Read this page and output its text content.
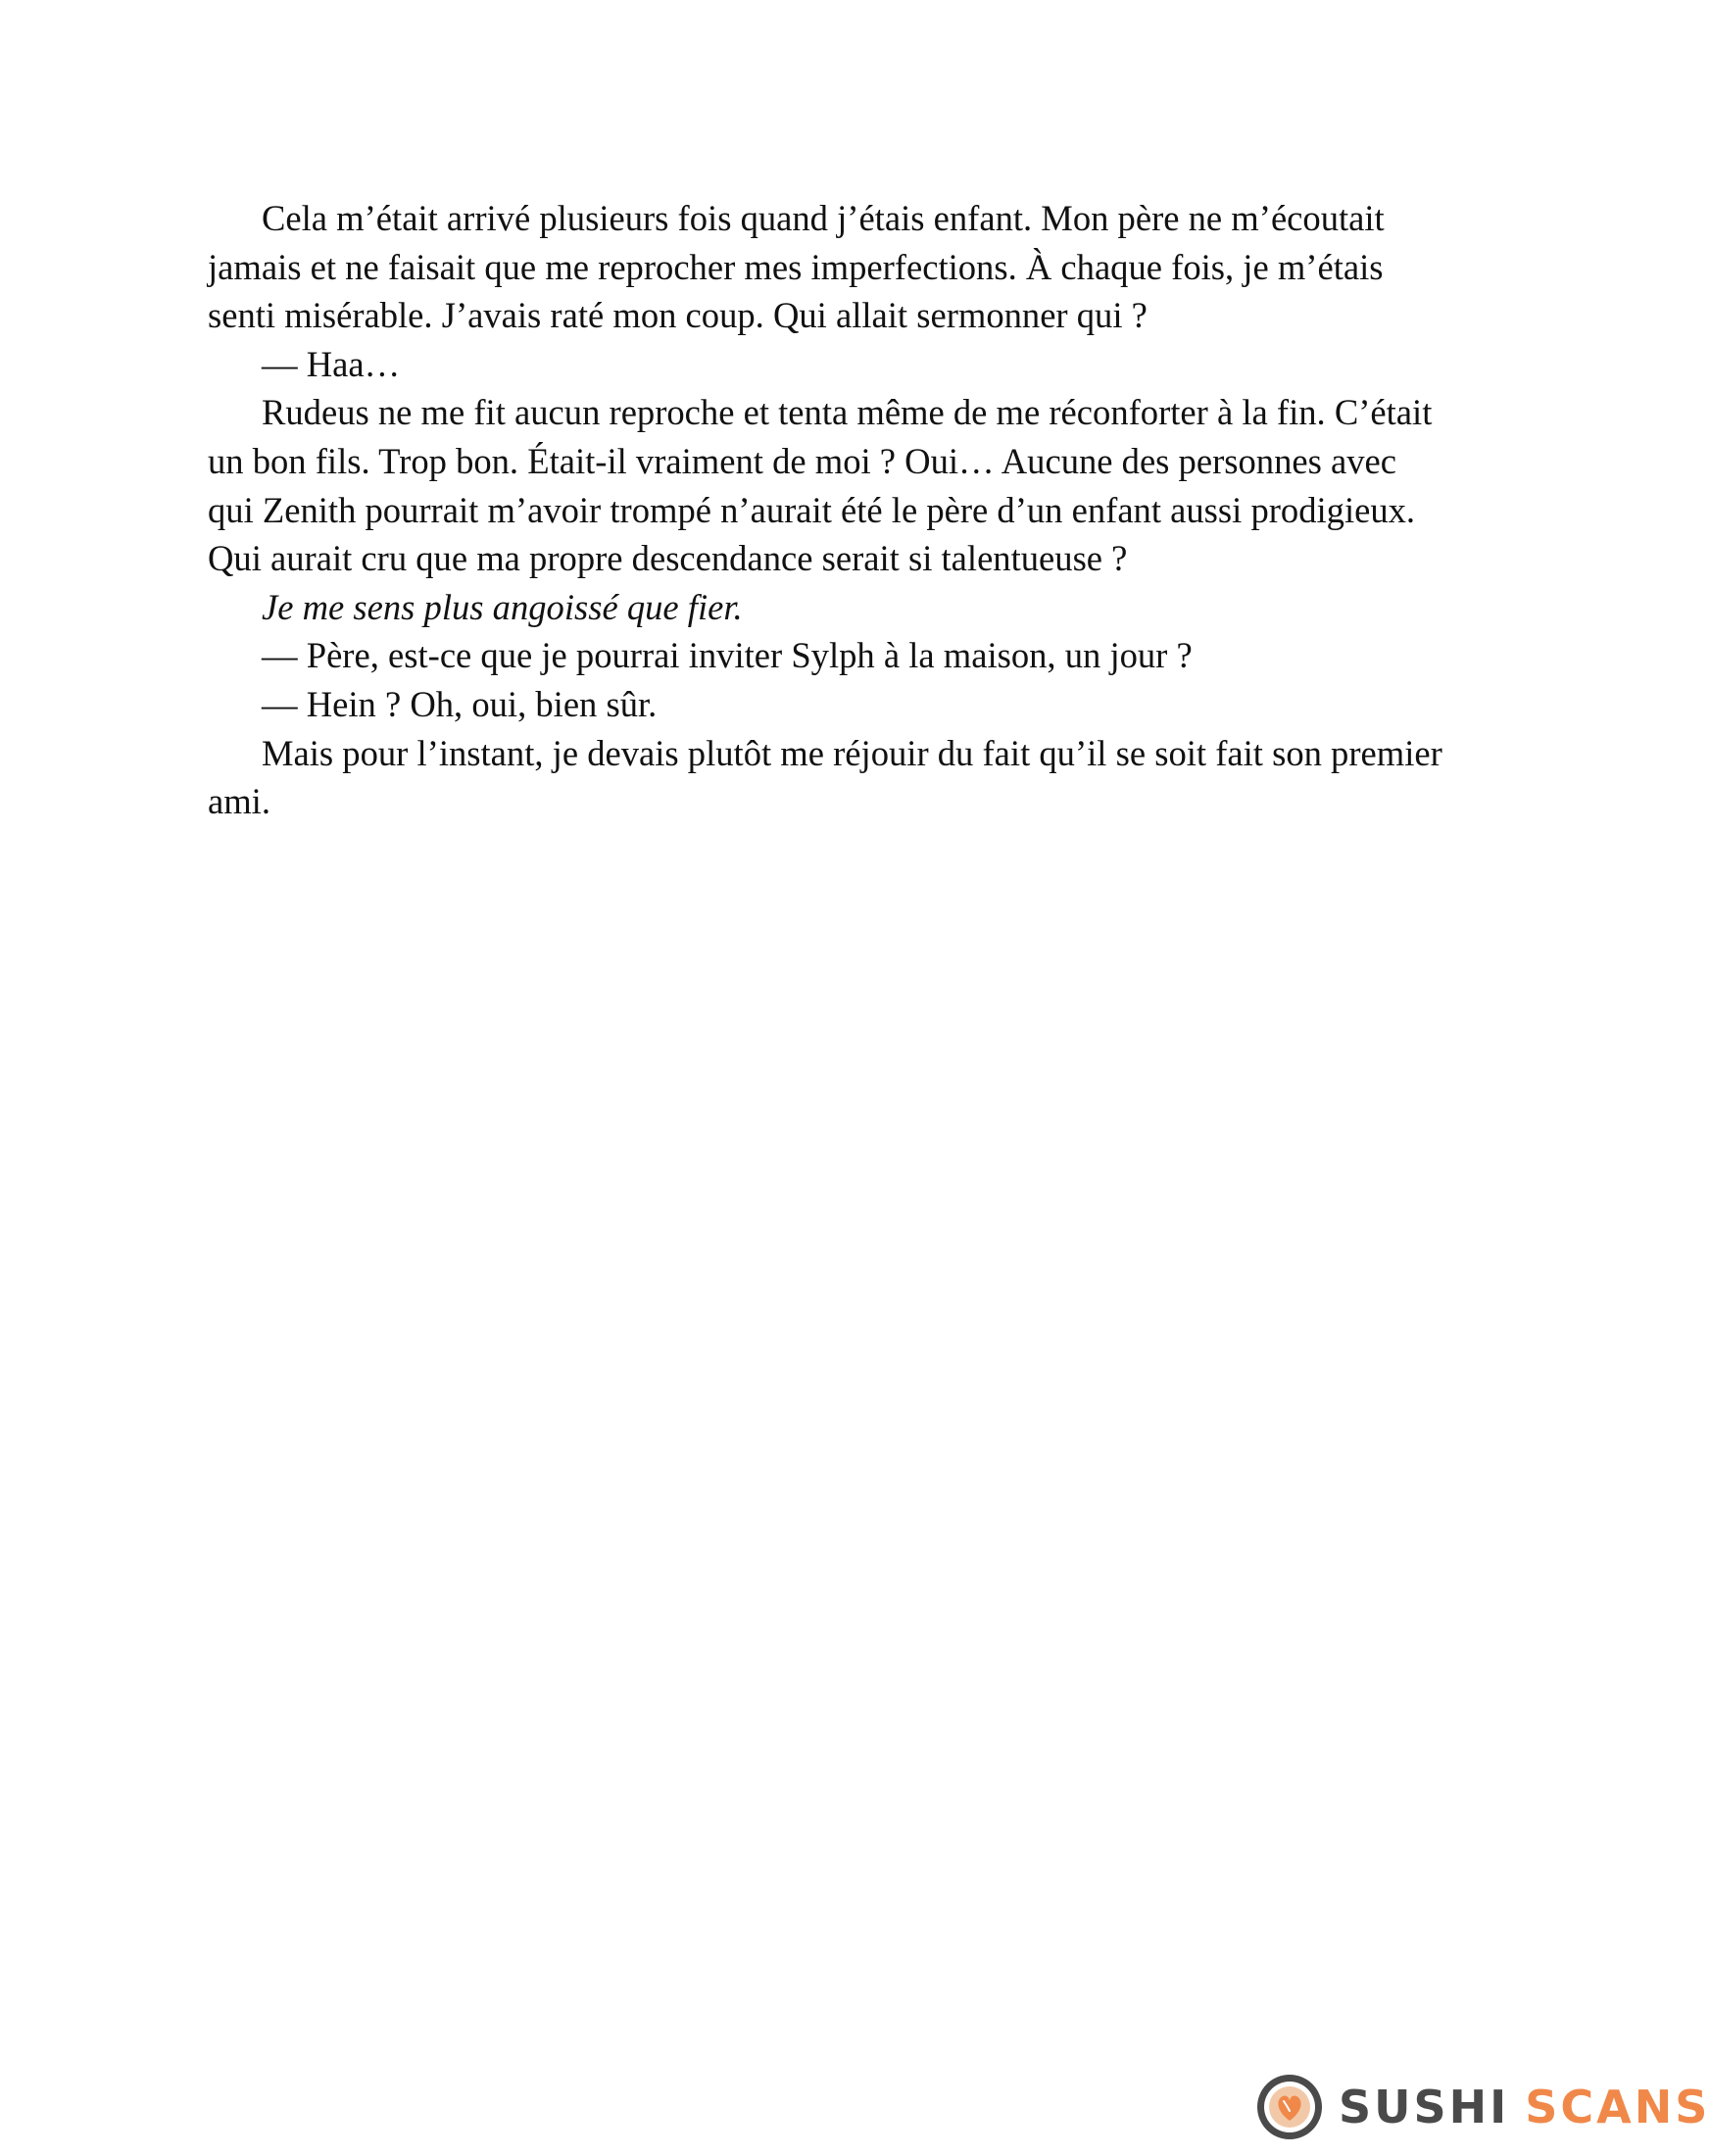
Cela m’était arrivé plusieurs fois quand j’étais enfant. Mon père ne m’écoutait jamais et ne faisait que me reprocher mes imperfections. À chaque fois, je m’étais senti misérable. J’avais raté mon coup. Qui allait sermonner qui ?

— Haa…

Rudeus ne me fit aucun reproche et tenta même de me réconforter à la fin. C’était un bon fils. Trop bon. Était-il vraiment de moi ? Oui… Aucune des personnes avec qui Zenith pourrait m’avoir trompé n’aurait été le père d’un enfant aussi prodigieux. Qui aurait cru que ma propre descendance serait si talentueuse ?

Je me sens plus angoissé que fier.

— Père, est-ce que je pourrai inviter Sylph à la maison, un jour ?

— Hein ? Oh, oui, bien sûr.

Mais pour l’instant, je devais plutôt me réjouir du fait qu’il se soit fait son premier ami.

SUSHI SCANS
